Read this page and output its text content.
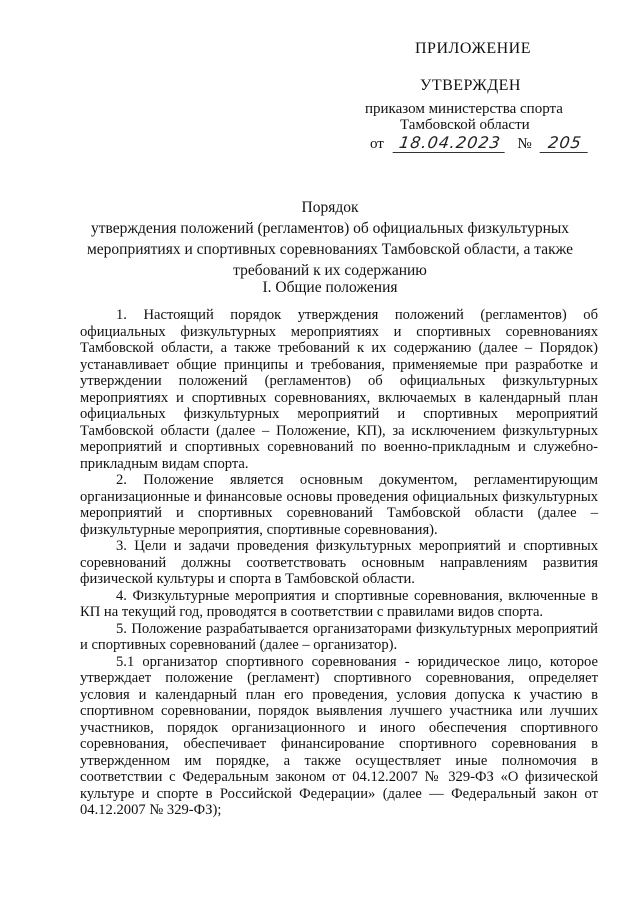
ПРИЛОЖЕНИЕ
УТВЕРЖДЕН
приказом министерства спорта
Тамбовской области
от 18.04.2023 № 205
Порядок
утверждения положений (регламентов) об официальных физкультурных
мероприятиях и спортивных соревнованиях Тамбовской области, а также
требований к их содержанию
I. Общие положения

1. Настоящий порядок утверждения положений (регламентов) об официальных физкультурных мероприятиях и спортивных соревнованиях Тамбовской области, а также требований к их содержанию (далее – Порядок) устанавливает общие принципы и требования, применяемые при разработке и утверждении положений (регламентов) об официальных физкультурных мероприятиях и спортивных соревнованиях, включаемых в календарный план официальных физкультурных мероприятий и спортивных мероприятий Тамбовской области (далее – Положение, КП), за исключением физкультурных мероприятий и спортивных соревнований по военно-прикладным и служебно-прикладным видам спорта.

2. Положение является основным документом, регламентирующим организационные и финансовые основы проведения официальных физкультурных мероприятий и спортивных соревнований Тамбовской области (далее – физкультурные мероприятия, спортивные соревнования).

3. Цели и задачи проведения физкультурных мероприятий и спортивных соревнований должны соответствовать основным направлениям развития физической культуры и спорта в Тамбовской области.

4. Физкультурные мероприятия и спортивные соревнования, включенные в КП на текущий год, проводятся в соответствии с правилами видов спорта.

5. Положение разрабатывается организаторами физкультурных мероприятий и спортивных соревнований (далее – организатор).

5.1 организатор спортивного соревнования - юридическое лицо, которое утверждает положение (регламент) спортивного соревнования, определяет условия и календарный план его проведения, условия допуска к участию в спортивном соревновании, порядок выявления лучшего участника или лучших участников, порядок организационного и иного обеспечения спортивного соревнования, обеспечивает финансирование спортивного соревнования в утвержденном им порядке, а также осуществляет иные полномочия в соответствии с Федеральным законом от 04.12.2007 № 329-ФЗ «О физической культуре и спорте в Российской Федерации» (далее — Федеральный закон от 04.12.2007 № 329-ФЗ);
